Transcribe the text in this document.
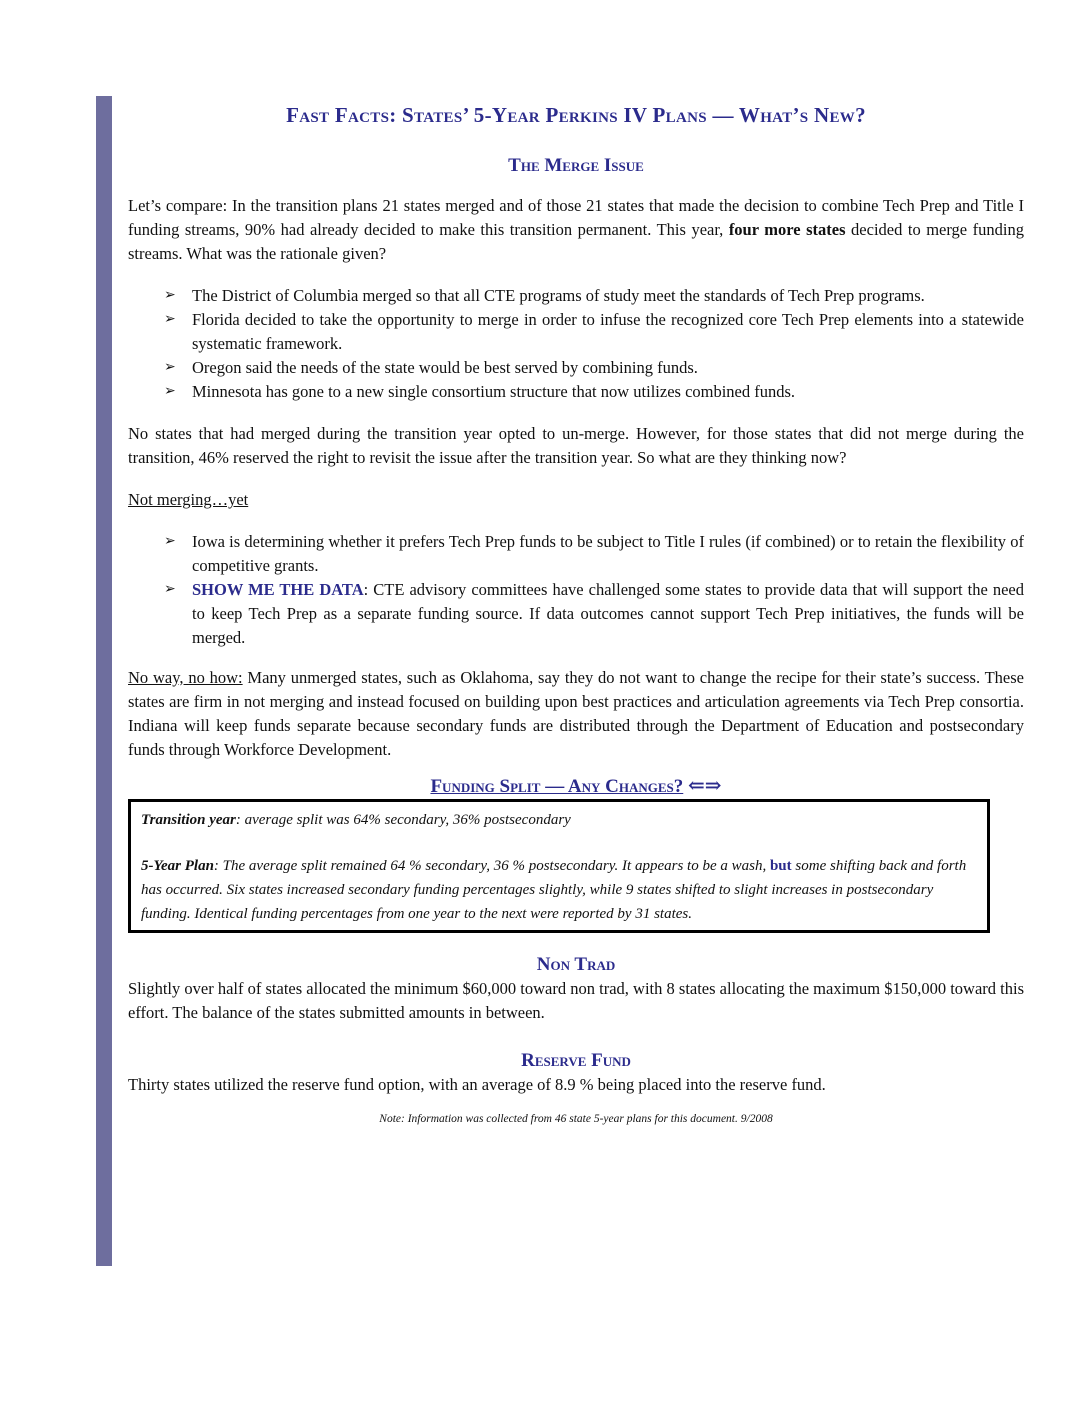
Fast Facts: States’ 5-Year Perkins IV Plans — What’s New?
The Merge Issue

Let’s compare: In the transition plans 21 states merged and of those 21 states that made the decision to combine Tech Prep and Title I funding streams, 90% had already decided to make this transition permanent. This year, four more states decided to merge funding streams. What was the rationale given?

➢ The District of Columbia merged so that all CTE programs of study meet the standards of Tech Prep programs.
➢ Florida decided to take the opportunity to merge in order to infuse the recognized core Tech Prep elements into a statewide systematic framework.
➢ Oregon said the needs of the state would be best served by combining funds.
➢ Minnesota has gone to a new single consortium structure that now utilizes combined funds.

No states that had merged during the transition year opted to un-merge. However, for those states that did not merge during the transition, 46% reserved the right to revisit the issue after the transition year. So what are they thinking now?

Not merging…yet

➢ Iowa is determining whether it prefers Tech Prep funds to be subject to Title I rules (if combined) or to retain the flexibility of competitive grants.
➢ SHOW ME THE DATA: CTE advisory committees have challenged some states to provide data that will support the need to keep Tech Prep as a separate funding source. If data outcomes cannot support Tech Prep initiatives, the funds will be merged.

No way, no how: Many unmerged states, such as Oklahoma, say they do not want to change the recipe for their state’s success. These states are firm in not merging and instead focused on building upon best practices and articulation agreements via Tech Prep consortia. Indiana will keep funds separate because secondary funds are distributed through the Department of Education and postsecondary funds through Workforce Development.

Funding Split — Any Changes? ⇐⇒

Transition year: average split was 64% secondary, 36% postsecondary

5-Year Plan: The average split remained 64 % secondary, 36 % postsecondary. It appears to be a wash, but some shifting back and forth has occurred. Six states increased secondary funding percentages slightly, while 9 states shifted to slight increases in postsecondary funding. Identical funding percentages from one year to the next were reported by 31 states.

Non Trad

Slightly over half of states allocated the minimum $60,000 toward non trad, with 8 states allocating the maximum $150,000 toward this effort. The balance of the states submitted amounts in between.

Reserve Fund

Thirty states utilized the reserve fund option, with an average of 8.9 % being placed into the reserve fund.

Note: Information was collected from 46 state 5-year plans for this document. 9/2008
